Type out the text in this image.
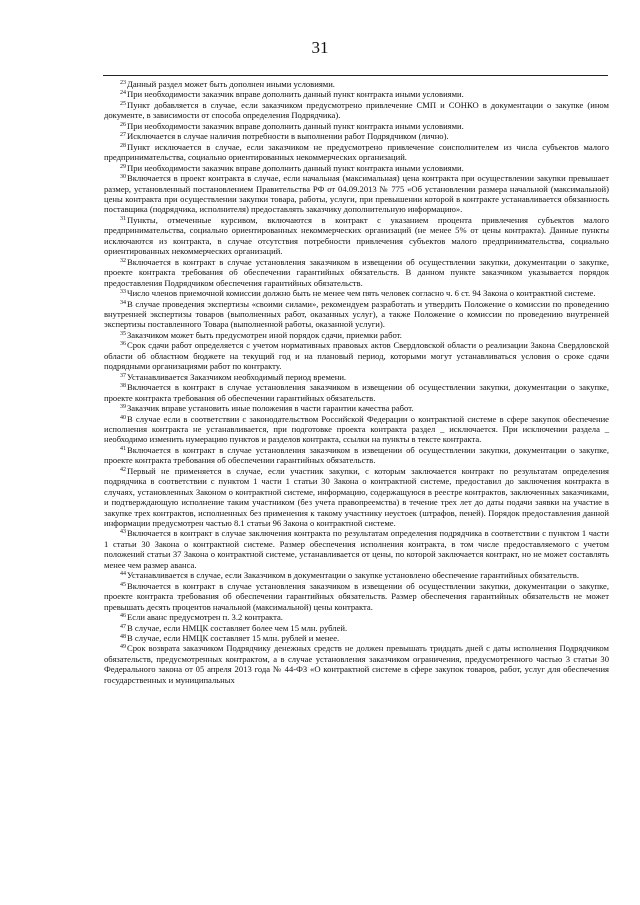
31

$^{23}$Данный раздел может быть дополнен иными условиями.

$^{24}$При необходимости заказчик вправе дополнить данный пункт контракта иными условиями.

$^{25}$Пункт добавляется в случае, если заказчиком предусмотрено привлечение СМП и СОНКО в документации о закупке (ином документе, в зависимости от способа определения Подрядчика).

$^{26}$При необходимости заказчик вправе дополнить данный пункт контракта иными условиями.

$^{27}$Исключается в случае наличия потребности в выполнении работ Подрядчиком (лично).

$^{28}$Пункт исключается в случае, если заказчиком не предусмотрено привлечение соисполнителем из числа субъектов малого предпринимательства, социально ориентированных некоммерческих организаций.

$^{29}$При необходимости заказчик вправе дополнить данный пункт контракта иными условиями.

$^{30}$Включается в проект контракта в случае, если начальная (максимальная) цена контракта при осуществлении закупки превышает размер, установленный постановлением Правительства РФ от 04.09.2013 № 775 «Об установлении размера начальной (максимальной) цены контракта при осуществлении закупки товара, работы, услуги, при превышении которой в контракте устанавливается обязанность поставщика (подрядчика, исполнителя) предоставлять заказчику дополнительную информацию».

$^{31}$Пункты, отмеченные курсивом, включаются в контракт с указанием процента привлечения субъектов малого предпринимательства, социально ориентированных некоммерческих организаций (не менее 5% от цены контракта). Данные пункты исключаются из контракта, в случае отсутствия потребности привлечения субъектов малого предпринимательства, социально ориентированных некоммерческих организаций.

$^{32}$Включается в контракт в случае установления заказчиком в извещении об осуществлении закупки, документации о закупке, проекте контракта требования об обеспечении гарантийных обязательств. В данном пункте заказчиком указывается порядок предоставления Подрядчиком обеспечения гарантийных обязательств.

$^{33}$Число членов приемочной комиссии должно быть не менее чем пять человек согласно ч. 6 ст. 94 Закона о контрактной системе.

$^{34}$В случае проведения экспертизы «своими силами», рекомендуем разработать и утвердить Положение о комиссии по проведению внутренней экспертизы товаров (выполненных работ, оказанных услуг), а также Положение о комиссии по проведению внутренней экспертизы поставленного Товара (выполненной работы, оказанной услуги).

$^{35}$Заказчиком может быть предусмотрен иной порядок сдачи, приемки работ.

$^{36}$Срок сдачи работ определяется с учетом нормативных правовых актов Свердловской области о реализации Закона Свердловской области об областном бюджете на текущий год и на плановый период, которыми могут устанавливаться условия о сроке сдачи подрядными организациями работ по контракту.

$^{37}$Устанавливается Заказчиком необходимый период времени.

$^{38}$Включается в контракт в случае установления заказчиком в извещении об осуществлении закупки, документации о закупке, проекте контракта требования об обеспечении гарантийных обязательств.

$^{39}$Заказчик вправе установить иные положения в части гарантии качества работ.

$^{40}$В случае если в соответствии с законодательством Российской Федерации о контрактной системе в сфере закупок обеспечение исполнения контракта не устанавливается, при подготовке проекта контракта раздел _ исключается. При исключении раздела _ необходимо изменить нумерацию пунктов и разделов контракта, ссылки на пункты в тексте контракта.

$^{41}$Включается в контракт в случае установления заказчиком в извещении об осуществлении закупки, документации о закупке, проекте контракта требования об обеспечении гарантийных обязательств.

$^{42}$Первый не применяется в случае, если участник закупки, с которым заключается контракт по результатам определения подрядчика в соответствии с пунктом 1 части 1 статьи 30 Закона о контрактной системе, предоставил до заключения контракта в случаях, установленных Законом о контрактной системе, информацию, содержащуюся в реестре контрактов, заключенных заказчиками, и подтверждающую исполнение таким участником (без учета правопреемства) в течение трех лет до даты подачи заявки на участие в закупке трех контрактов, исполненных без применения к такому участнику неустоек (штрафов, пеней). Порядок предоставления данной информации предусмотрен частью 8.1 статьи 96 Закона о контрактной системе.

$^{43}$Включается в контракт в случае заключения контракта по результатам определения подрядчика в соответствии с пунктом 1 части 1 статьи 30 Закона о контрактной системе. Размер обеспечения исполнения контракта, в том числе предоставляемого с учетом положений статьи 37 Закона о контрактной системе, устанавливается от цены, по которой заключается контракт, но не может составлять менее чем размер аванса.

$^{44}$Устанавливается в случае, если Заказчиком в документации о закупке установлено обеспечение гарантийных обязательств.

$^{45}$Включается в контракт в случае установления заказчиком в извещении об осуществлении закупки, документации о закупке, проекте контракта требования об обеспечении гарантийных обязательств. Размер обеспечения гарантийных обязательств не может превышать десять процентов начальной (максимальной) цены контракта.

$^{46}$Если аванс предусмотрен п. 3.2 контракта.

$^{47}$В случае, если НМЦК составляет более чем 15 млн. рублей.

$^{48}$В случае, если НМЦК составляет 15 млн. рублей и менее.

$^{49}$Срок возврата заказчиком Подрядчику денежных средств не должен превышать тридцать дней с даты исполнения Подрядчиком обязательств, предусмотренных контрактом, а в случае установления заказчиком ограничения, предусмотренного частью 3 статьи 30 Федерального закона от 05 апреля 2013 года № 44-ФЗ «О контрактной системе в сфере закупок товаров, работ, услуг для обеспечения государственных и муниципальных
